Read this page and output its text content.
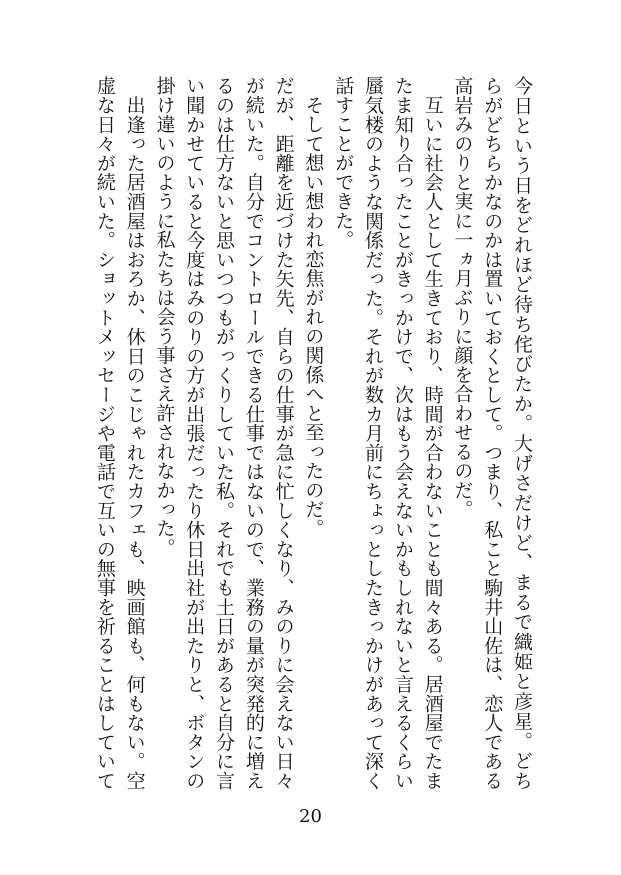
今日という日をどれほど待ち侘びたか。大げさだけど、まるで織姫と彦星。どち
らがどちらかなのかは置いておくとして。つまり、私こと駒井山佐は、恋人である
高岩みのりと実に一ヵ月ぶりに顔を合わせるのだ。
　互いに社会人として生きており、時間が合わないことも間々ある。居酒屋でたま
たま知り合ったことがきっかけで、次はもう会えないかもしれないと言えるくらい
蜃気楼のような関係だった。それが数カ月前にちょっとしたきっかけがあって深く
話すことができた。
　そして想い想われ恋焦がれの関係へと至ったのだ。
だが、距離を近づけた矢先、自らの仕事が急に忙しくなり、みのりに会えない日々
が続いた。自分でコントロールできる仕事ではないので、業務の量が突発的に増え
るのは仕方ないと思いつつもがっくりしていた私。それでも土日があると自分に言
い聞かせていると今度はみのりの方が出張だったり休日出社が出たりと、ボタンの
掛け違いのように私たちは会う事さえ許されなかった。
　出逢った居酒屋はおろか、休日のこじゃれたカフェも、映画館も、何もない。空
虚な日々が続いた。ショットメッセージや電話で互いの無事を祈ることはしていて
20
